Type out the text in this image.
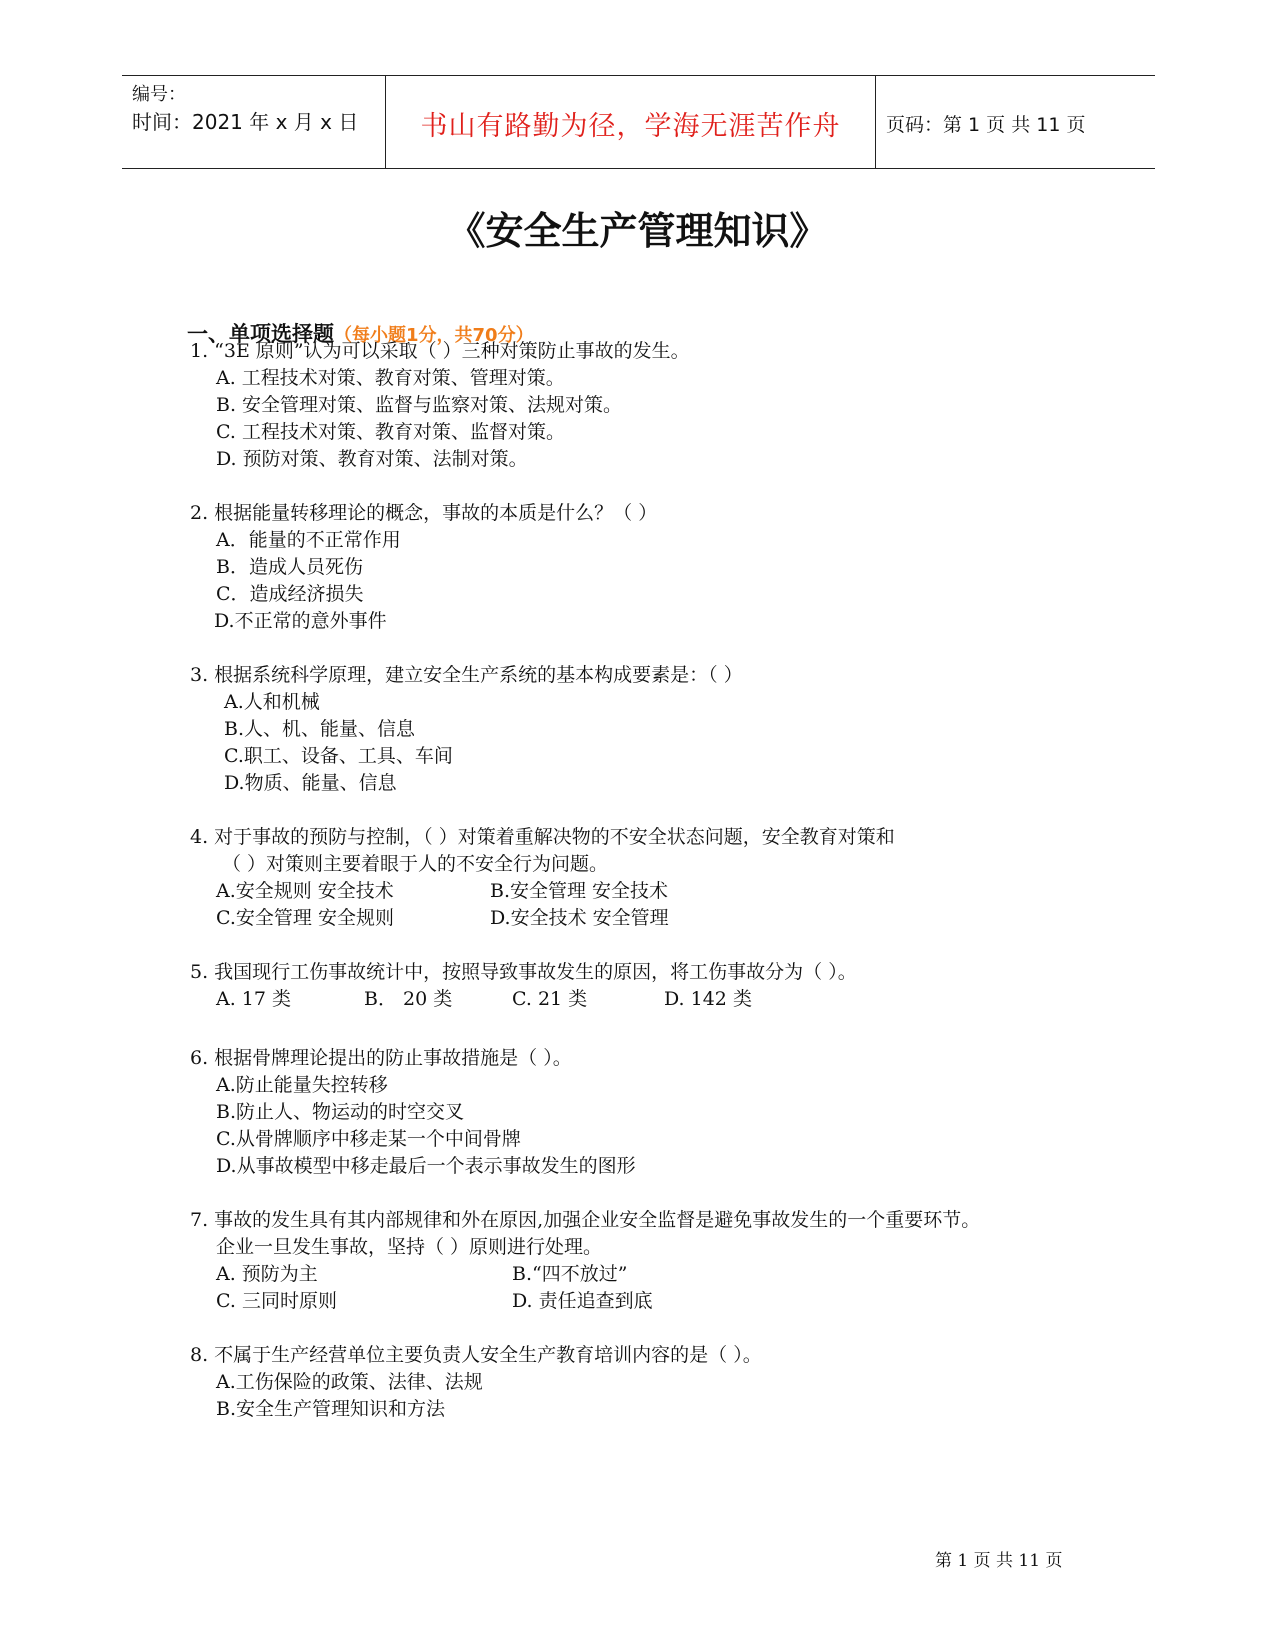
编号：
时间：2021 年 x 月 x 日	书山有路勤为径，学海无涯苦作舟	页码：第 1 页 共 11 页
《安全生产管理知识》
一、单项选择题（每小题1分，共70分）
1. “3E 原则”认为可以采取（ ）三种对策防止事故的发生。
A. 工程技术对策、教育对策、管理对策。
B. 安全管理对策、监督与监察对策、法规对策。
C. 工程技术对策、教育对策、监督对策。
D. 预防对策、教育对策、法制对策。
2. 根据能量转移理论的概念，事故的本质是什么？（ ）
A．能量的不正常作用
B．造成人员死伤
C．造成经济损失
D.不正常的意外事件
3. 根据系统科学原理，建立安全生产系统的基本构成要素是：（ ）
A.人和机械
B.人、机、能量、信息
C.职工、设备、工具、车间
D.物质、能量、信息
4. 对于事故的预防与控制，（ ）对策着重解决物的不安全状态问题，安全教育对策和
（ ）对策则主要着眼于人的不安全行为问题。
A.安全规则 安全技术	B.安全管理 安全技术
C.安全管理 安全规则	D.安全技术 安全管理
5. 我国现行工伤事故统计中，按照导致事故发生的原因，将工伤事故分为（ ）。
A. 17 类	B． 20 类	C. 21 类	D. 142 类
6. 根据骨牌理论提出的防止事故措施是（ ）。
A.防止能量失控转移
B.防止人、物运动的时空交叉
C.从骨牌顺序中移走某一个中间骨牌
D.从事故模型中移走最后一个表示事故发生的图形
7. 事故的发生具有其内部规律和外在原因,加强企业安全监督是避免事故发生的一个重要环节。
企业一旦发生事故，坚持（ ）原则进行处理。
A. 预防为主	B.“四不放过”
C. 三同时原则	D. 责任追查到底
8. 不属于生产经营单位主要负责人安全生产教育培训内容的是（ ）。
A.工伤保险的政策、法律、法规
B.安全生产管理知识和方法
第 1 页 共 11 页
